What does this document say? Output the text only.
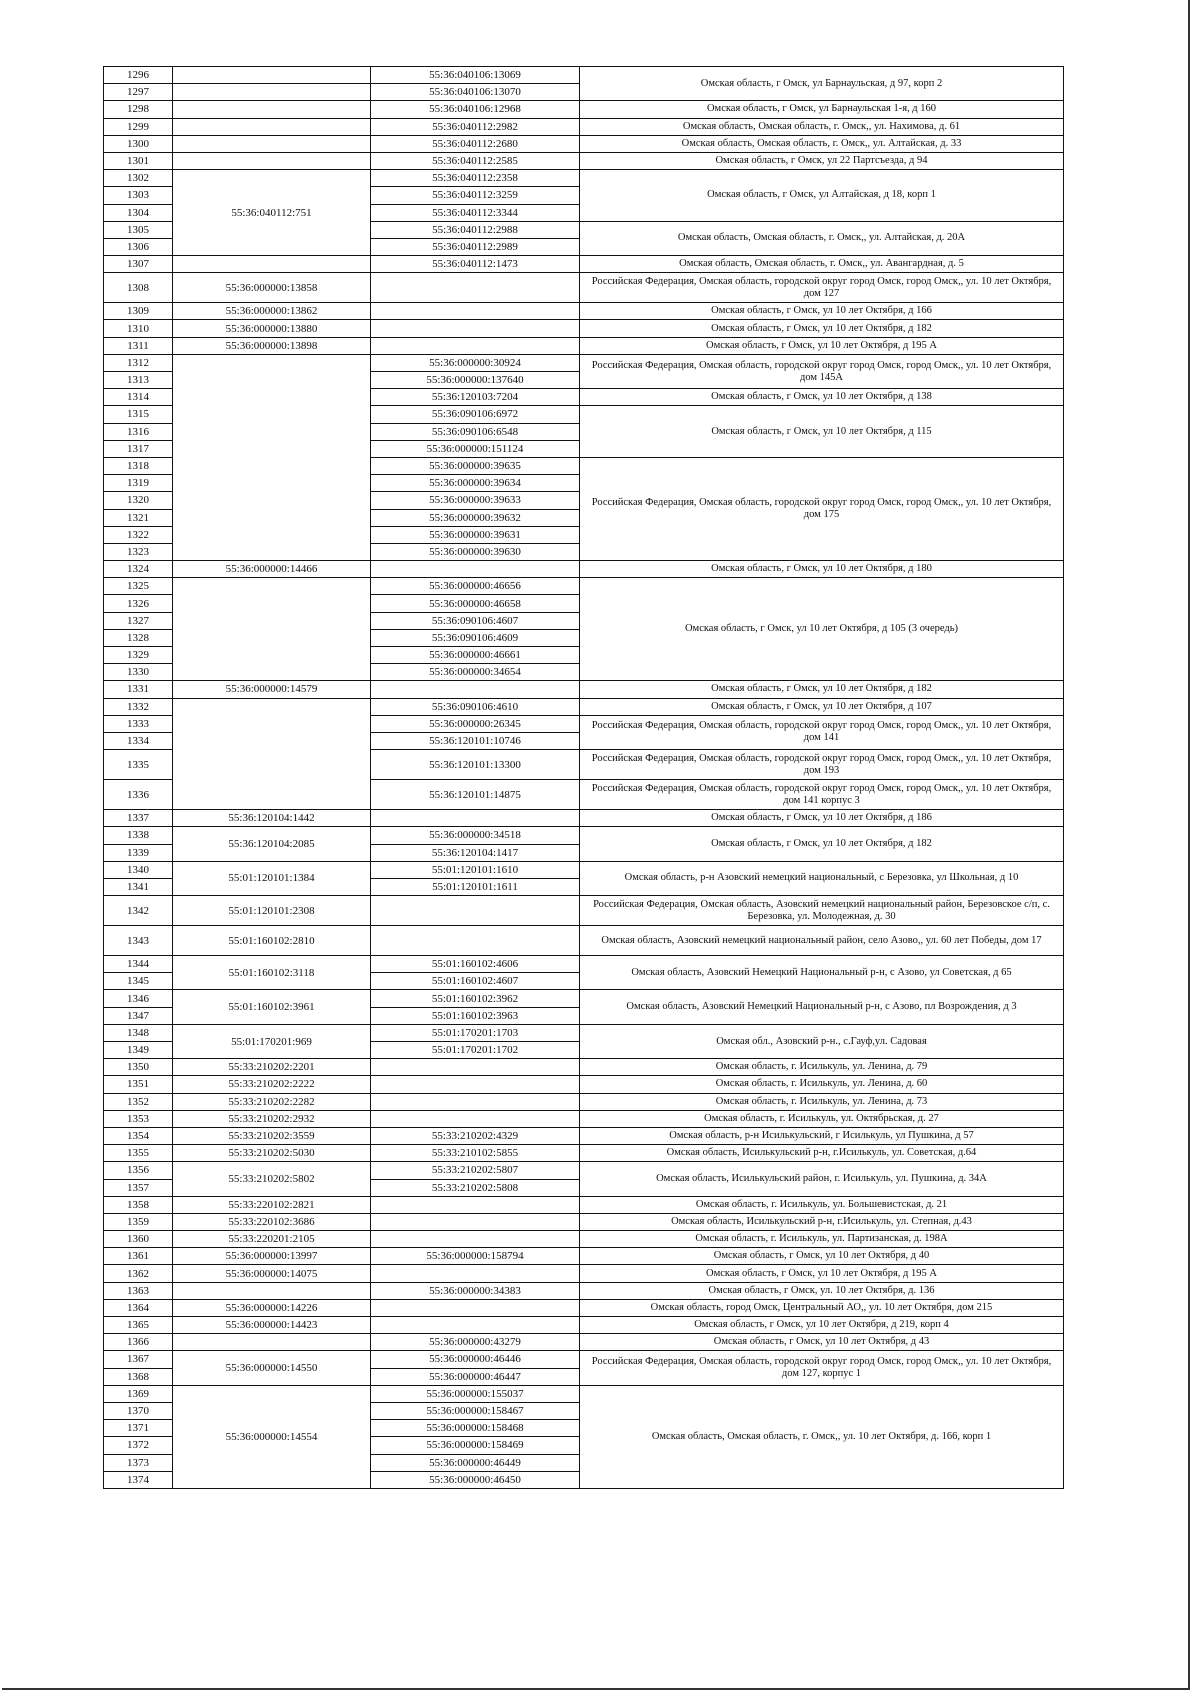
1296		55:36:040106:13069	Омская область, г Омск, ул Барнаульская, д 97, корп 2
1297		55:36:040106:13070	
1298		55:36:040106:12968	Омская область, г Омск, ул Барнаульская 1-я, д 160
1299		55:36:040112:2982	Омская область, Омская область, г. Омск,, ул. Нахимова, д. 61
1300		55:36:040112:2680	Омская область, Омская область, г. Омск,, ул. Алтайская, д. 33
1301		55:36:040112:2585	Омская область, г Омск, ул 22 Партсъезда, д 94
1302	55:36:040112:751	55:36:040112:2358	Омская область, г Омск, ул Алтайская, д 18, корп 1
1303		55:36:040112:3259	
1304		55:36:040112:3344	
1305		55:36:040112:2988	Омская область, Омская область, г. Омск,, ул. Алтайская, д. 20А
1306		55:36:040112:2989	
1307		55:36:040112:1473	Омская область, Омская область, г. Омск,, ул. Авангардная, д. 5
1308	55:36:000000:13858		Российская Федерация, Омская область, городской округ город Омск, город Омск,, ул. 10 лет Октября, дом 127
1309	55:36:000000:13862		Омская область, г Омск, ул 10 лет Октября, д 166
1310	55:36:000000:13880		Омская область, г Омск, ул 10 лет Октября, д 182
1311	55:36:000000:13898		Омская область, г Омск, ул 10 лет Октября, д 195 А
1312		55:36:000000:30924	Российская Федерация, Омская область, городской округ город Омск, город Омск,, ул. 10 лет Октября, дом 145А
1313		55:36:000000:137640	
1314		55:36:120103:7204	Омская область, г Омск, ул 10 лет Октября, д 138
1315		55:36:090106:6972	Омская область, г Омск, ул 10 лет Октября, д 115
1316		55:36:090106:6548	
1317		55:36:000000:151124	
1318		55:36:000000:39635	Российская Федерация, Омская область, городской округ город Омск, город Омск,, ул. 10 лет Октября, дом 175
1319		55:36:000000:39634	
1320		55:36:000000:39633	
1321		55:36:000000:39632	
1322		55:36:000000:39631	
1323		55:36:000000:39630	
1324	55:36:000000:14466		Омская область, г Омск, ул 10 лет Октября, д 180
1325		55:36:000000:46656	Омская область, г Омск, ул 10 лет Октября, д 105 (3 очередь)
1326		55:36:000000:46658	
1327		55:36:090106:4607	
1328		55:36:090106:4609	
1329		55:36:000000:46661	
1330		55:36:000000:34654	
1331	55:36:000000:14579		Омская область, г Омск, ул 10 лет Октября, д 182
1332		55:36:090106:4610	Омская область, г Омск, ул 10 лет Октября, д 107
1333		55:36:000000:26345	Российская Федерация, Омская область, городской округ город Омск, город Омск,, ул. 10 лет Октября, дом 141
1334		55:36:120101:10746	
1335		55:36:120101:13300	Российская Федерация, Омская область, городской округ город Омск, город Омск,, ул. 10 лет Октября, дом 193
1336		55:36:120101:14875	Российская Федерация, Омская область, городской округ город Омск, город Омск,, ул. 10 лет Октября, дом 141 корпус 3
1337	55:36:120104:1442		Омская область, г Омск, ул 10 лет Октября, д 186
1338	55:36:120104:2085	55:36:000000:34518	Омская область, г Омск, ул 10 лет Октября, д 182
1339		55:36:120104:1417	
1340	55:01:120101:1384	55:01:120101:1610	Омская область, р-н Азовский немецкий национальный, с Березовка, ул Школьная, д 10
1341		55:01:120101:1611	
1342	55:01:120101:2308		Российская Федерация, Омская область, Азовский немецкий национальный район, Березовское с/п, с. Березовка, ул. Молодежная, д. 30
1343	55:01:160102:2810		Омская область, Азовский немецкий национальный район, село Азово,, ул. 60 лет Победы, дом 17
1344	55:01:160102:3118	55:01:160102:4606	Омская область, Азовский Немецкий Национальный р-н, с Азово, ул Советская, д 65
1345		55:01:160102:4607	
1346	55:01:160102:3961	55:01:160102:3962	Омская область, Азовский Немецкий Национальный р-н, с Азово, пл Возрождения, д 3
1347		55:01:160102:3963	
1348	55:01:170201:969	55:01:170201:1703	Омская обл., Азовский р-н., с.Гауф,ул. Садовая
1349		55:01:170201:1702	
1350	55:33:210202:2201		Омская область, г. Исилькуль, ул. Ленина, д. 79
1351	55:33:210202:2222		Омская область, г. Исилькуль, ул. Ленина, д. 60
1352	55:33:210202:2282		Омская область, г. Исилькуль, ул. Ленина, д. 73
1353	55:33:210202:2932		Омская область, г. Исилькуль, ул. Октябрьская, д. 27
1354	55:33:210202:3559	55:33:210202:4329	Омская область, р-н Исилькульский, г Исилькуль, ул Пушкина, д 57
1355	55:33:210202:5030	55:33:210102:5855	Омская область, Исилькульский р-н, г.Исилькуль, ул. Советская, д.64
1356	55:33:210202:5802	55:33:210202:5807	Омская область, Исилькульский район, г. Исилькуль, ул. Пушкина, д. 34А
1357		55:33:210202:5808	
1358	55:33:220102:2821		Омская область, г. Исилькуль, ул. Большевистская, д. 21
1359	55:33:220102:3686		Омская область, Исилькульский р-н, г.Исилькуль, ул. Степная, д.43
1360	55:33:220201:2105		Омская область, г. Исилькуль, ул. Партизанская, д. 198А
1361	55:36:000000:13997	55:36:000000:158794	Омская область, г Омск, ул 10 лет Октября, д 40
1362	55:36:000000:14075		Омская область, г Омск, ул 10 лет Октября, д 195 А
1363		55:36:000000:34383	Омская область, г Омск, ул. 10 лет Октября, д. 136
1364	55:36:000000:14226		Омская область, город Омск, Центральный АО,, ул. 10 лет Октября, дом 215
1365	55:36:000000:14423		Омская область, г Омск, ул 10 лет Октября, д 219, корп 4
1366		55:36:000000:43279	Омская область, г Омск, ул 10 лет Октября, д 43
1367	55:36:000000:14550	55:36:000000:46446	Российская Федерация, Омская область, городской округ город Омск, город Омск,, ул. 10 лет Октября, дом 127, корпус 1
1368		55:36:000000:46447	
1369	55:36:000000:14554	55:36:000000:155037	Омская область, Омская область, г. Омск,, ул. 10 лет Октября, д. 166, корп 1
1370		55:36:000000:158467	
1371		55:36:000000:158468	
1372		55:36:000000:158469	
1373		55:36:000000:46449	
1374		55:36:000000:46450	
